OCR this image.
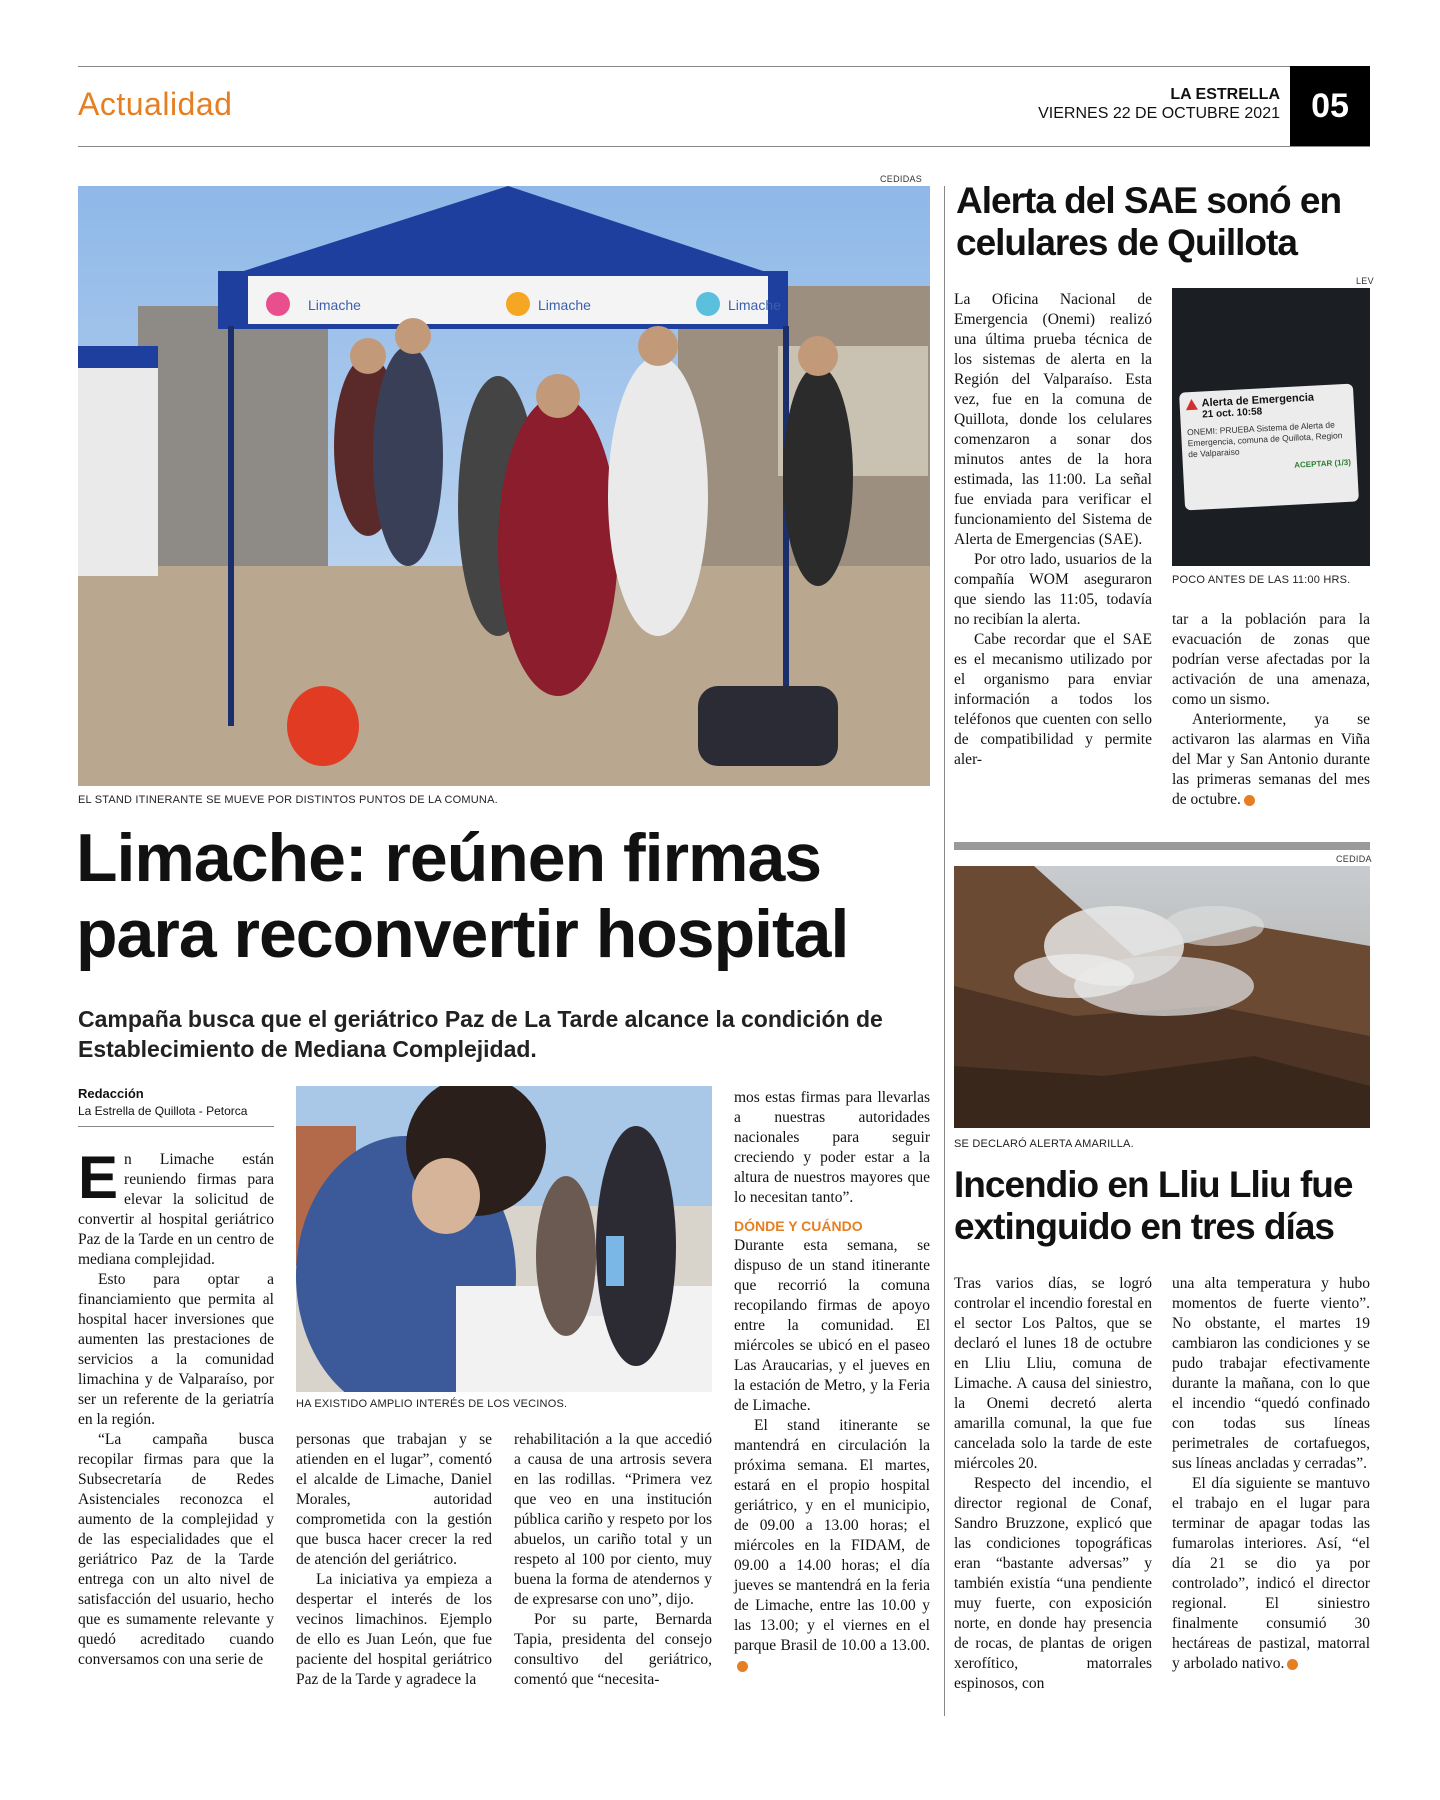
Actualidad	LA ESTRELLA
VIERNES 22 DE OCTUBRE 2021 05
CEDIDAS
Limache	Limache	Limache
EL STAND ITINERANTE SE MUEVE POR DISTINTOS PUNTOS DE LA COMUNA.
Limache: reúnen firmas para reconvertir hospital
Campaña busca que el geriátrico Paz de La Tarde alcance la condición de Establecimiento de Mediana Complejidad.
Redacción
La Estrella de Quillota - Petorca
HA EXISTIDO AMPLIO INTERÉS DE LOS VECINOS.

En Limache están reuniendo firmas para elevar la solicitud de convertir al hospital geriátrico Paz de la Tarde en un centro de mediana complejidad.

Esto para optar a financiamiento que permita al hospital hacer inversiones que aumenten las prestaciones de servicios a la comunidad limachina y de Valparaíso, por ser un referente de la geriatría en la región.

“La campaña busca recopilar firmas para que la Subsecretaría de Redes Asistenciales reconozca el aumento de la complejidad y de las especialidades que el geriátrico Paz de la Tarde entrega con un alto nivel de satisfacción del usuario, hecho que es sumamente relevante y quedó acreditado cuando conversamos con una serie de

personas que trabajan y se atienden en el lugar”, comentó el alcalde de Limache, Daniel Morales, autoridad comprometida con la gestión que busca hacer crecer la red de atención del geriátrico.

La iniciativa ya empieza a despertar el interés de los vecinos limachinos. Ejemplo de ello es Juan León, que fue paciente del hospital geriátrico Paz de la Tarde y agradece la

rehabilitación a la que accedió a causa de una artrosis severa en las rodillas. “Primera vez que veo en una institución pública cariño y respeto por los abuelos, un cariño total y un respeto al 100 por ciento, muy buena la forma de atendernos y de expresarse con uno”, dijo.

Por su parte, Bernarda Tapia, presidenta del consejo consultivo del geriátrico, comentó que “necesita-

mos estas firmas para llevarlas a nuestras autoridades nacionales para seguir creciendo y poder estar a la altura de nuestros mayores que lo necesitan tanto”.

DÓNDE Y CUÁNDO

Durante esta semana, se dispuso de un stand itinerante que recorrió la comuna recopilando firmas de apoyo entre la comunidad. El miércoles se ubicó en el paseo Las Araucarias, y el jueves en la estación de Metro, y la Feria de Limache.

El stand itinerante se mantendrá en circulación la próxima semana. El martes, estará en el propio hospital geriátrico, y en el municipio, de 09.00 a 13.00 horas; el miércoles en la FIDAM, de 09.00 a 14.00 horas; el día jueves se mantendrá en la feria de Limache, entre las 10.00 y las 13.00; y el viernes en el parque Brasil de 10.00 a 13.00.

Alerta del SAE sonó en celulares de Quillota
LEV
Alerta de Emergencia
21 oct. 10:58
ONEMI: PRUEBA Sistema de Alerta de Emergencia, comuna de Quillota, Region de Valparaiso
ACEPTAR (1/3)
POCO ANTES DE LAS 11:00 HRS.

La Oficina Nacional de Emergencia (Onemi) realizó una última prueba técnica de los sistemas de alerta en la Región del Valparaíso. Esta vez, fue en la comuna de Quillota, donde los celulares comenzaron a sonar dos minutos antes de la hora estimada, las 11:00. La señal fue enviada para verificar el funcionamiento del Sistema de Alerta de Emergencias (SAE).

Por otro lado, usuarios de la compañía WOM aseguraron que siendo las 11:05, todavía no recibían la alerta.

Cabe recordar que el SAE es el mecanismo utilizado por el organismo para enviar información a todos los teléfonos que cuenten con sello de compatibilidad y permite aler-

tar a la población para la evacuación de zonas que podrían verse afectadas por la activación de una amenaza, como un sismo.

Anteriormente, ya se activaron las alarmas en Viña del Mar y San Antonio durante las primeras semanas del mes de octubre.

CEDIDA
SE DECLARÓ ALERTA AMARILLA.
Incendio en Lliu Lliu fue extinguido en tres días

Tras varios días, se logró controlar el incendio forestal en el sector Los Paltos, que se declaró el lunes 18 de octubre en Lliu Lliu, comuna de Limache. A causa del siniestro, la Onemi decretó alerta amarilla comunal, la que fue cancelada solo la tarde de este miércoles 20.

Respecto del incendio, el director regional de Conaf, Sandro Bruzzone, explicó que las condiciones topográficas eran “bastante adversas” y también existía “una pendiente muy fuerte, con exposición norte, en donde hay presencia de rocas, de plantas de origen xerofítico, matorrales espinosos, con

una alta temperatura y hubo momentos de fuerte viento”. No obstante, el martes 19 cambiaron las condiciones y se pudo trabajar efectivamente durante la mañana, con lo que el incendio “quedó confinado con todas sus líneas perimetrales de cortafuegos, sus líneas ancladas y cerradas”.

El día siguiente se mantuvo el trabajo en el lugar para terminar de apagar todas las fumarolas interiores. Así, “el día 21 se dio ya por controlado”, indicó el director regional. El siniestro finalmente consumió 30 hectáreas de pastizal, matorral y arbolado nativo.
